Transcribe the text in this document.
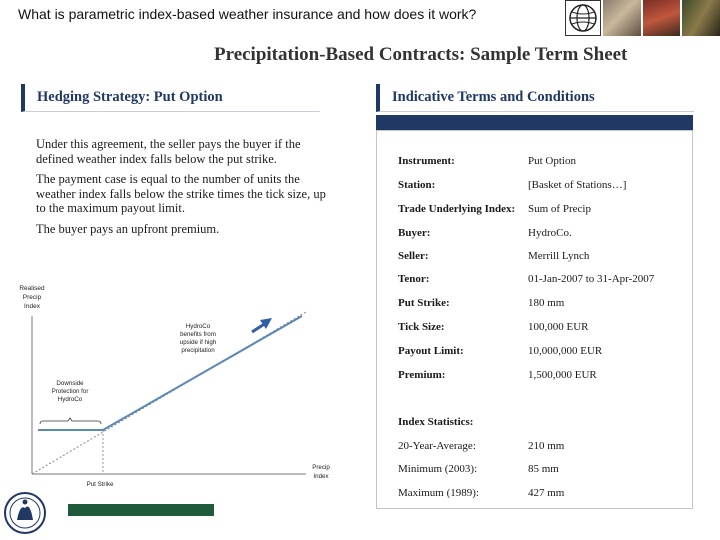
What is parametric index-based weather insurance and how does it work?
Precipitation-Based Contracts: Sample Term Sheet
Hedging Strategy: Put Option

Under this agreement, the seller pays the buyer if the defined weather index falls below the put strike.

The payment case is equal to the number of units the weather index falls below the strike times the tick size, up to the maximum payout limit.

The buyer pays an upfront premium.

Realised
Precip
Index
Downside
Protection for
HydroCo
HydroCo
benefits from
upside if high
precipitation
Put Strike
Precip
Index
Indicative Terms and Conditions
Instrument:	Put Option
Station:	[Basket of Stations…]
Trade Underlying Index:	Sum of Precip
Buyer:	HydroCo.
Seller:	Merrill Lynch
Tenor:	01-Jan-2007 to 31-Apr-2007
Put Strike:	180 mm
Tick Size:	100,000 EUR
Payout Limit:	10,000,000 EUR
Premium:	1,500,000 EUR
Index Statistics:
20-Year-Average:	210 mm
Minimum (2003):	85 mm
Maximum (1989):	427 mm
